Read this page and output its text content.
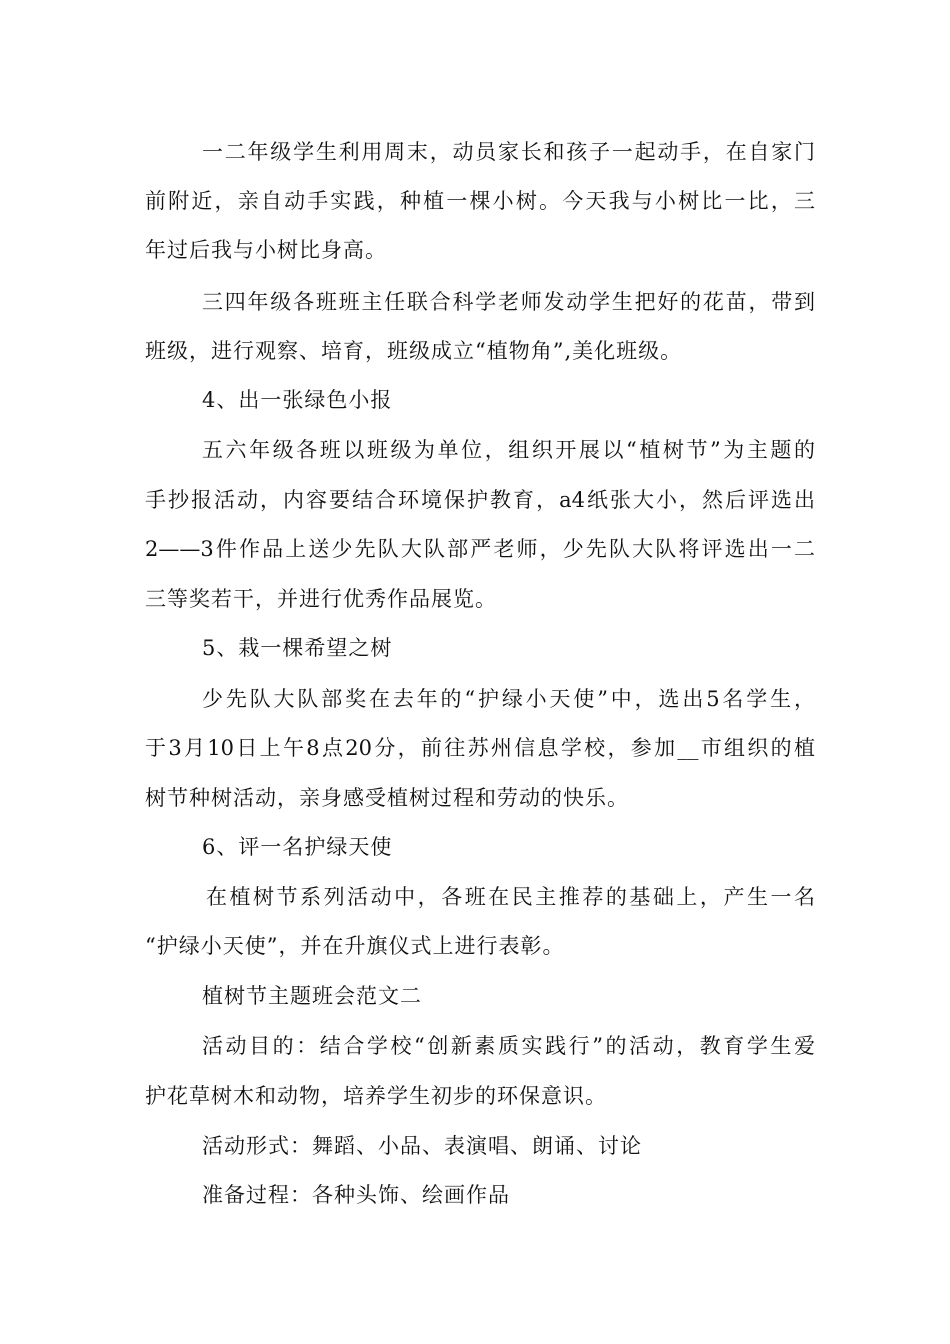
一二年级学生利用周末，动员家长和孩子一起动手，在自家门
前附近，亲自动手实践，种植一棵小树。今天我与小树比一比，三
年过后我与小树比身高。
三四年级各班班主任联合科学老师发动学生把好的花苗，带到
班级，进行观察、培育，班级成立“植物角”,美化班级。
4、出一张绿色小报
五六年级各班以班级为单位，组织开展以“植树节”为主题的
手抄报活动，内容要结合环境保护教育，a4纸张大小，然后评选出
2——3件作品上送少先队大队部严老师，少先队大队将评选出一二
三等奖若干，并进行优秀作品展览。
5、栽一棵希望之树
少先队大队部奖在去年的“护绿小天使”中，选出5名学生，
于3月10日上午8点20分，前往苏州信息学校，参加__市组织的植
树节种树活动，亲身感受植树过程和劳动的快乐。
6、评一名护绿天使
在植树节系列活动中，各班在民主推荐的基础上，产生一名
“护绿小天使”，并在升旗仪式上进行表彰。
植树节主题班会范文二
活动目的：结合学校“创新素质实践行”的活动，教育学生爱
护花草树木和动物，培养学生初步的环保意识。
活动形式：舞蹈、小品、表演唱、朗诵、讨论
准备过程：各种头饰、绘画作品
